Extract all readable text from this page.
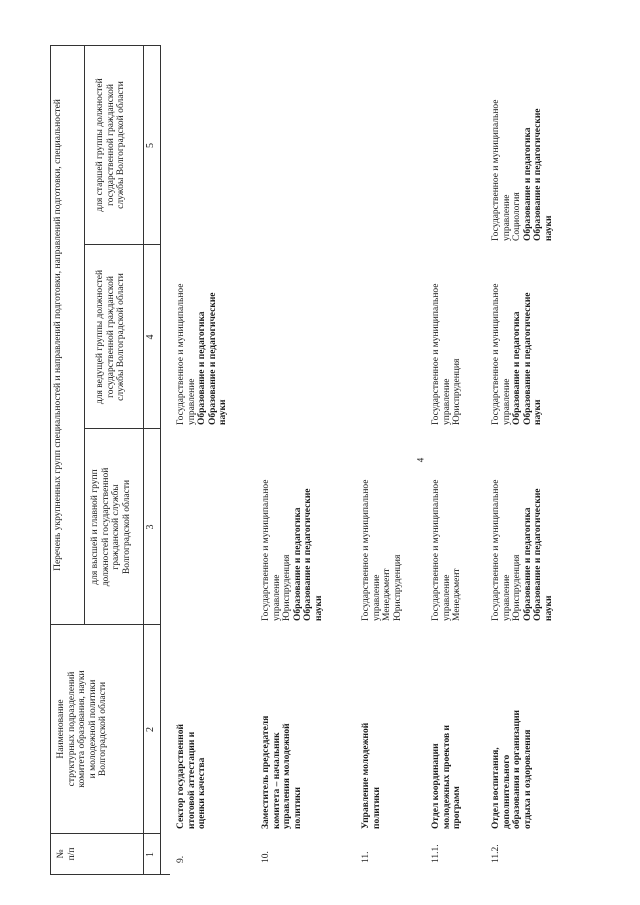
№
п/п
Наименование
структурных подразделений
комитета образования, науки
и молодежной политики
Волгоградской области
Перечень укрупненных групп специальностей и направлений подготовки, направлений подготовки, специальностей
для высшей и главной групп
должностей государственной
гражданской службы
Волгоградской области
для ведущей группы должностей
государственной гражданской
службы Волгоградской области
для старшей группы должностей
государственной гражданской
службы Волгоградской области
1
2
3
4
5
9.
Сектор государственной итоговой аттестации и оценки качества
Государственное и муниципальное управление Образование и педагогика Образование и педагогические науки
10.
Заместитель председателя комитета – начальник управления молодежной политики
Государственное и муниципальное управление Юриспруденция Образование и педагогика Образование и педагогические науки
11.
Управление молодежной политики
Государственное и муниципальное управление Менеджмент Юриспруденция
11.1.
Отдел координации молодежных проектов и программ
Государственное и муниципальное управление Менеджмент
Государственное и муниципальное управление Юриспруденция
11.2.
Отдел воспитания, дополнительного образования и организации отдыха и оздоровления
Государственное и муниципальное управление Юриспруденция Образование и педагогика Образование и педагогические науки
Государственное и муниципальное управление Образование и педагогика Образование и педагогические науки
Государственное и муниципальное управление Социология Образование и педагогика Образование и педагогические науки
4
